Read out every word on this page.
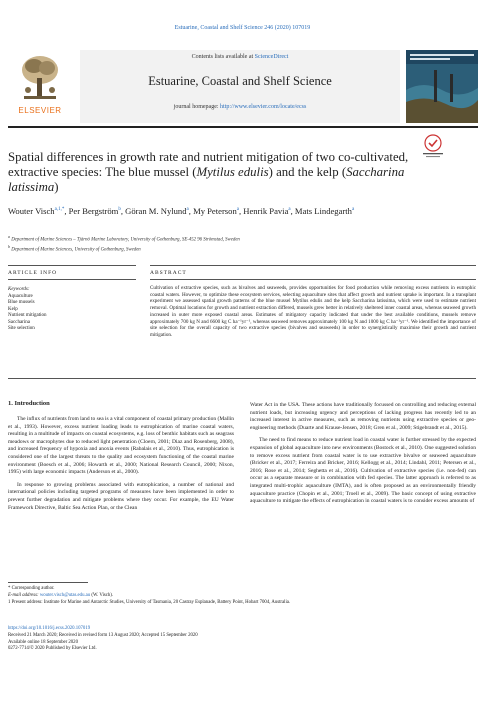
Estuarine, Coastal and Shelf Science 246 (2020) 107019
ELSEVIER
Contents lists available at ScienceDirect
Estuarine, Coastal and Shelf Science
journal homepage: http://www.elsevier.com/locate/ecss
Spatial differences in growth rate and nutrient mitigation of two co-cultivated, extractive species: The blue mussel (Mytilus edulis) and the kelp (Saccharina latissima)
Wouter Visch$^{a,1,*}$, Per Bergström$^b$, Göran M. Nylund$^a$, My Peterson$^a$, Henrik Pavia$^a$, Mats Lindegarth$^a$
$^a$ Department of Marine Sciences – Tjärnö Marine Laboratory, University of Gothenburg, SE-452 96 Strömstad, Sweden
$^b$ Department of Marine Sciences, University of Gothenburg, Sweden
ARTICLE INFO	ABSTRACT
Keywords:
Aquaculture
Blue mussels
Kelp
Nutrient mitigation
Saccharina
Site selection
Cultivation of extractive species, such as bivalves and seaweeds, provides opportunities for food production while removing excess nutrients in eutrophic coastal waters. However, to optimize these ecosystem services, selecting aquaculture sites that affect growth and nutrient uptake is important. In a transplant experiment we assessed spatial growth patterns of the blue mussel Mytilus edulis and the kelp Saccharina latissima, which were used to estimate nutrient removal. Optimal locations for growth and nutrient extraction differed, mussels grew better in relatively sheltered inner coastal areas, whereas seaweed growth increased in outer more exposed coastal areas. Estimates of mitigatory capacity indicated that under the best available conditions, mussels remove approximately 700 kg N and 6600 kg C ha⁻¹yr⁻¹, whereas seaweed removes approximately 100 kg N and 1000 kg C ha⁻¹yr⁻¹. We identified the importance of site selection for the overall capacity of two extractive species (bivalves and seaweeds) in order to synergistically maximise their growth and nutrient mitigation.
1. Introduction

The influx of nutrients from land to sea is a vital component of coastal primary production (Mallin et al., 1993). However, excess nutrient loading leads to eutrophication of marine coastal waters, resulting in a multitude of impacts on coastal ecosystems, e.g. loss of benthic habitats such as seagrass meadows or macrophytes due to reduced light penetration (Cloern, 2001; Diaz and Rosenberg, 2008), and increased frequency of hypoxia and anoxia events (Rabalais et al., 2010). Thus, eutrophication is considered one of the largest threats to the quality and ecosystem functioning of the coastal marine environment (Boesch et al., 2006; Howarth et al., 2000; National Research Council, 2000; Nixon, 1995) with large economic impacts (Anderson et al., 2000).

In response to growing problems associated with eutrophication, a number of national and international policies including targeted programs of measures have been implemented in order to prevent further degradation and mitigate problems where they occur. For example, the EU Water Framework Directive, Baltic Sea Action Plan, or the Clean

Water Act in the USA. These actions have traditionally focussed on controlling and reducing external nutrient loads, but increasing urgency and perceptions of lacking progress has recently led to an increased interest in active measures, such as removing nutrients using extractive species or geo-engineering methods (Duarte and Krause-Jensen, 2018; Gren et al., 2009; Stigebrandt et al., 2015).

The need to find means to reduce nutrient load in coastal water is further stressed by the expected expansion of global aquaculture into new environments (Bostock et al., 2010). One suggested solution to remove excess nutrient from coastal water is to use extractive bivalve or seaweed aquaculture (Bricker et al., 2017; Ferreira and Bricker, 2016; Kellogg et al., 2014; Lindahl, 2011; Petersen et al., 2016; Rose et al., 2014; Seghetta et al., 2016). Cultivation of extractive species (i.e. non-fed) can occur as a separate measure or in combination with fed species. The latter approach is referred to as integrated multi-trophic aquaculture (IMTA), and is often proposed as an environmentally friendly aquaculture practice (Chopin et al., 2001; Troell et al., 2009). The basic concept of using extractive aquaculture to mitigate the effects of eutrophication in coastal waters is to consider excess amounts of

* Corresponding author.
E-mail address: wouter.visch@utas.edu.au (W. Visch).
1 Present address: Institute for Marine and Antarctic Studies, University of Tasmania, 20 Castray Esplanade, Battery Point, Hobart 7004, Australia.
https://doi.org/10.1016/j.ecss.2020.107019
Received 21 March 2020; Received in revised form 13 August 2020; Accepted 15 September 2020
Available online 18 September 2020
0272-7714/© 2020 Published by Elsevier Ltd.
